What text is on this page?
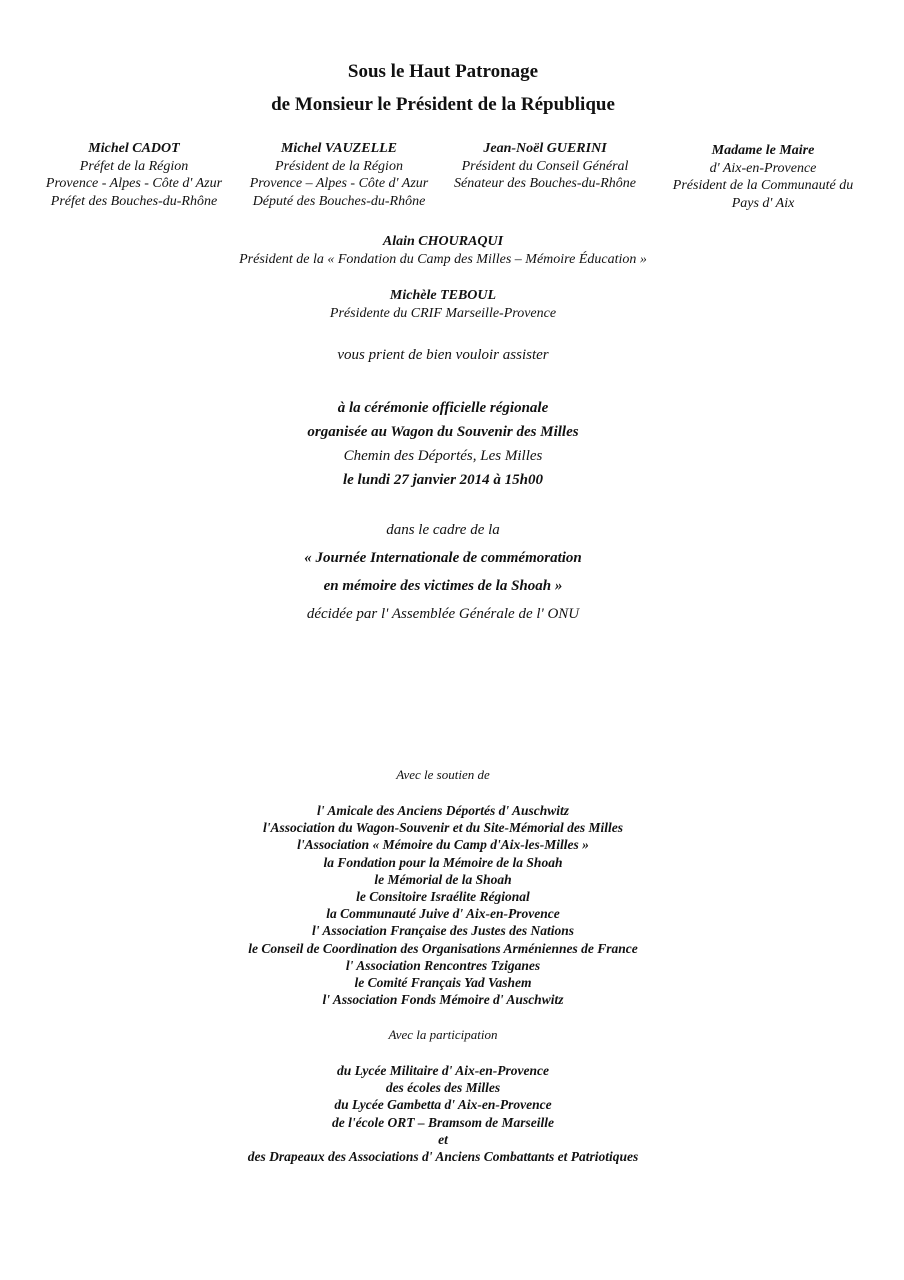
Sous le Haut Patronage
de Monsieur le Président de la République
Michel CADOT
Préfet de la Région
Provence - Alpes - Côte d' Azur
Préfet des Bouches-du-Rhône
Michel VAUZELLE
Président de la Région
Provence – Alpes - Côte d' Azur
Député des Bouches-du-Rhône
Jean-Noël GUERINI
Président du Conseil Général
Sénateur des Bouches-du-Rhône
Madame le Maire
d' Aix-en-Provence
Président de la Communauté du
Pays d' Aix
Alain CHOURAQUI
Président de la « Fondation du Camp des Milles – Mémoire Éducation »
Michèle TEBOUL
Présidente du CRIF Marseille-Provence
vous prient de bien vouloir assister
à la cérémonie officielle régionale
organisée au Wagon du Souvenir des Milles
Chemin des Déportés, Les Milles
le lundi 27 janvier 2014 à 15h00
dans le cadre de la
« Journée Internationale de commémoration
en mémoire des victimes de la Shoah »
décidée par l' Assemblée Générale de l' ONU
Avec le soutien de
l' Amicale des Anciens Déportés d' Auschwitz
l'Association du Wagon-Souvenir et du Site-Mémorial des Milles
l'Association « Mémoire du Camp d'Aix-les-Milles »
la Fondation pour la Mémoire de la Shoah
le Mémorial de la Shoah
le Consitoire Israélite Régional
la Communauté Juive d' Aix-en-Provence
l' Association Française des Justes des Nations
le Conseil de Coordination des Organisations Arméniennes de France
l' Association Rencontres Tziganes
le Comité Français Yad Vashem
l' Association Fonds Mémoire d' Auschwitz
Avec la participation
du Lycée Militaire d' Aix-en-Provence
des écoles des Milles
du Lycée Gambetta d' Aix-en-Provence
de l'école ORT – Bramsom de Marseille
et
des Drapeaux des Associations d' Anciens Combattants et Patriotiques
